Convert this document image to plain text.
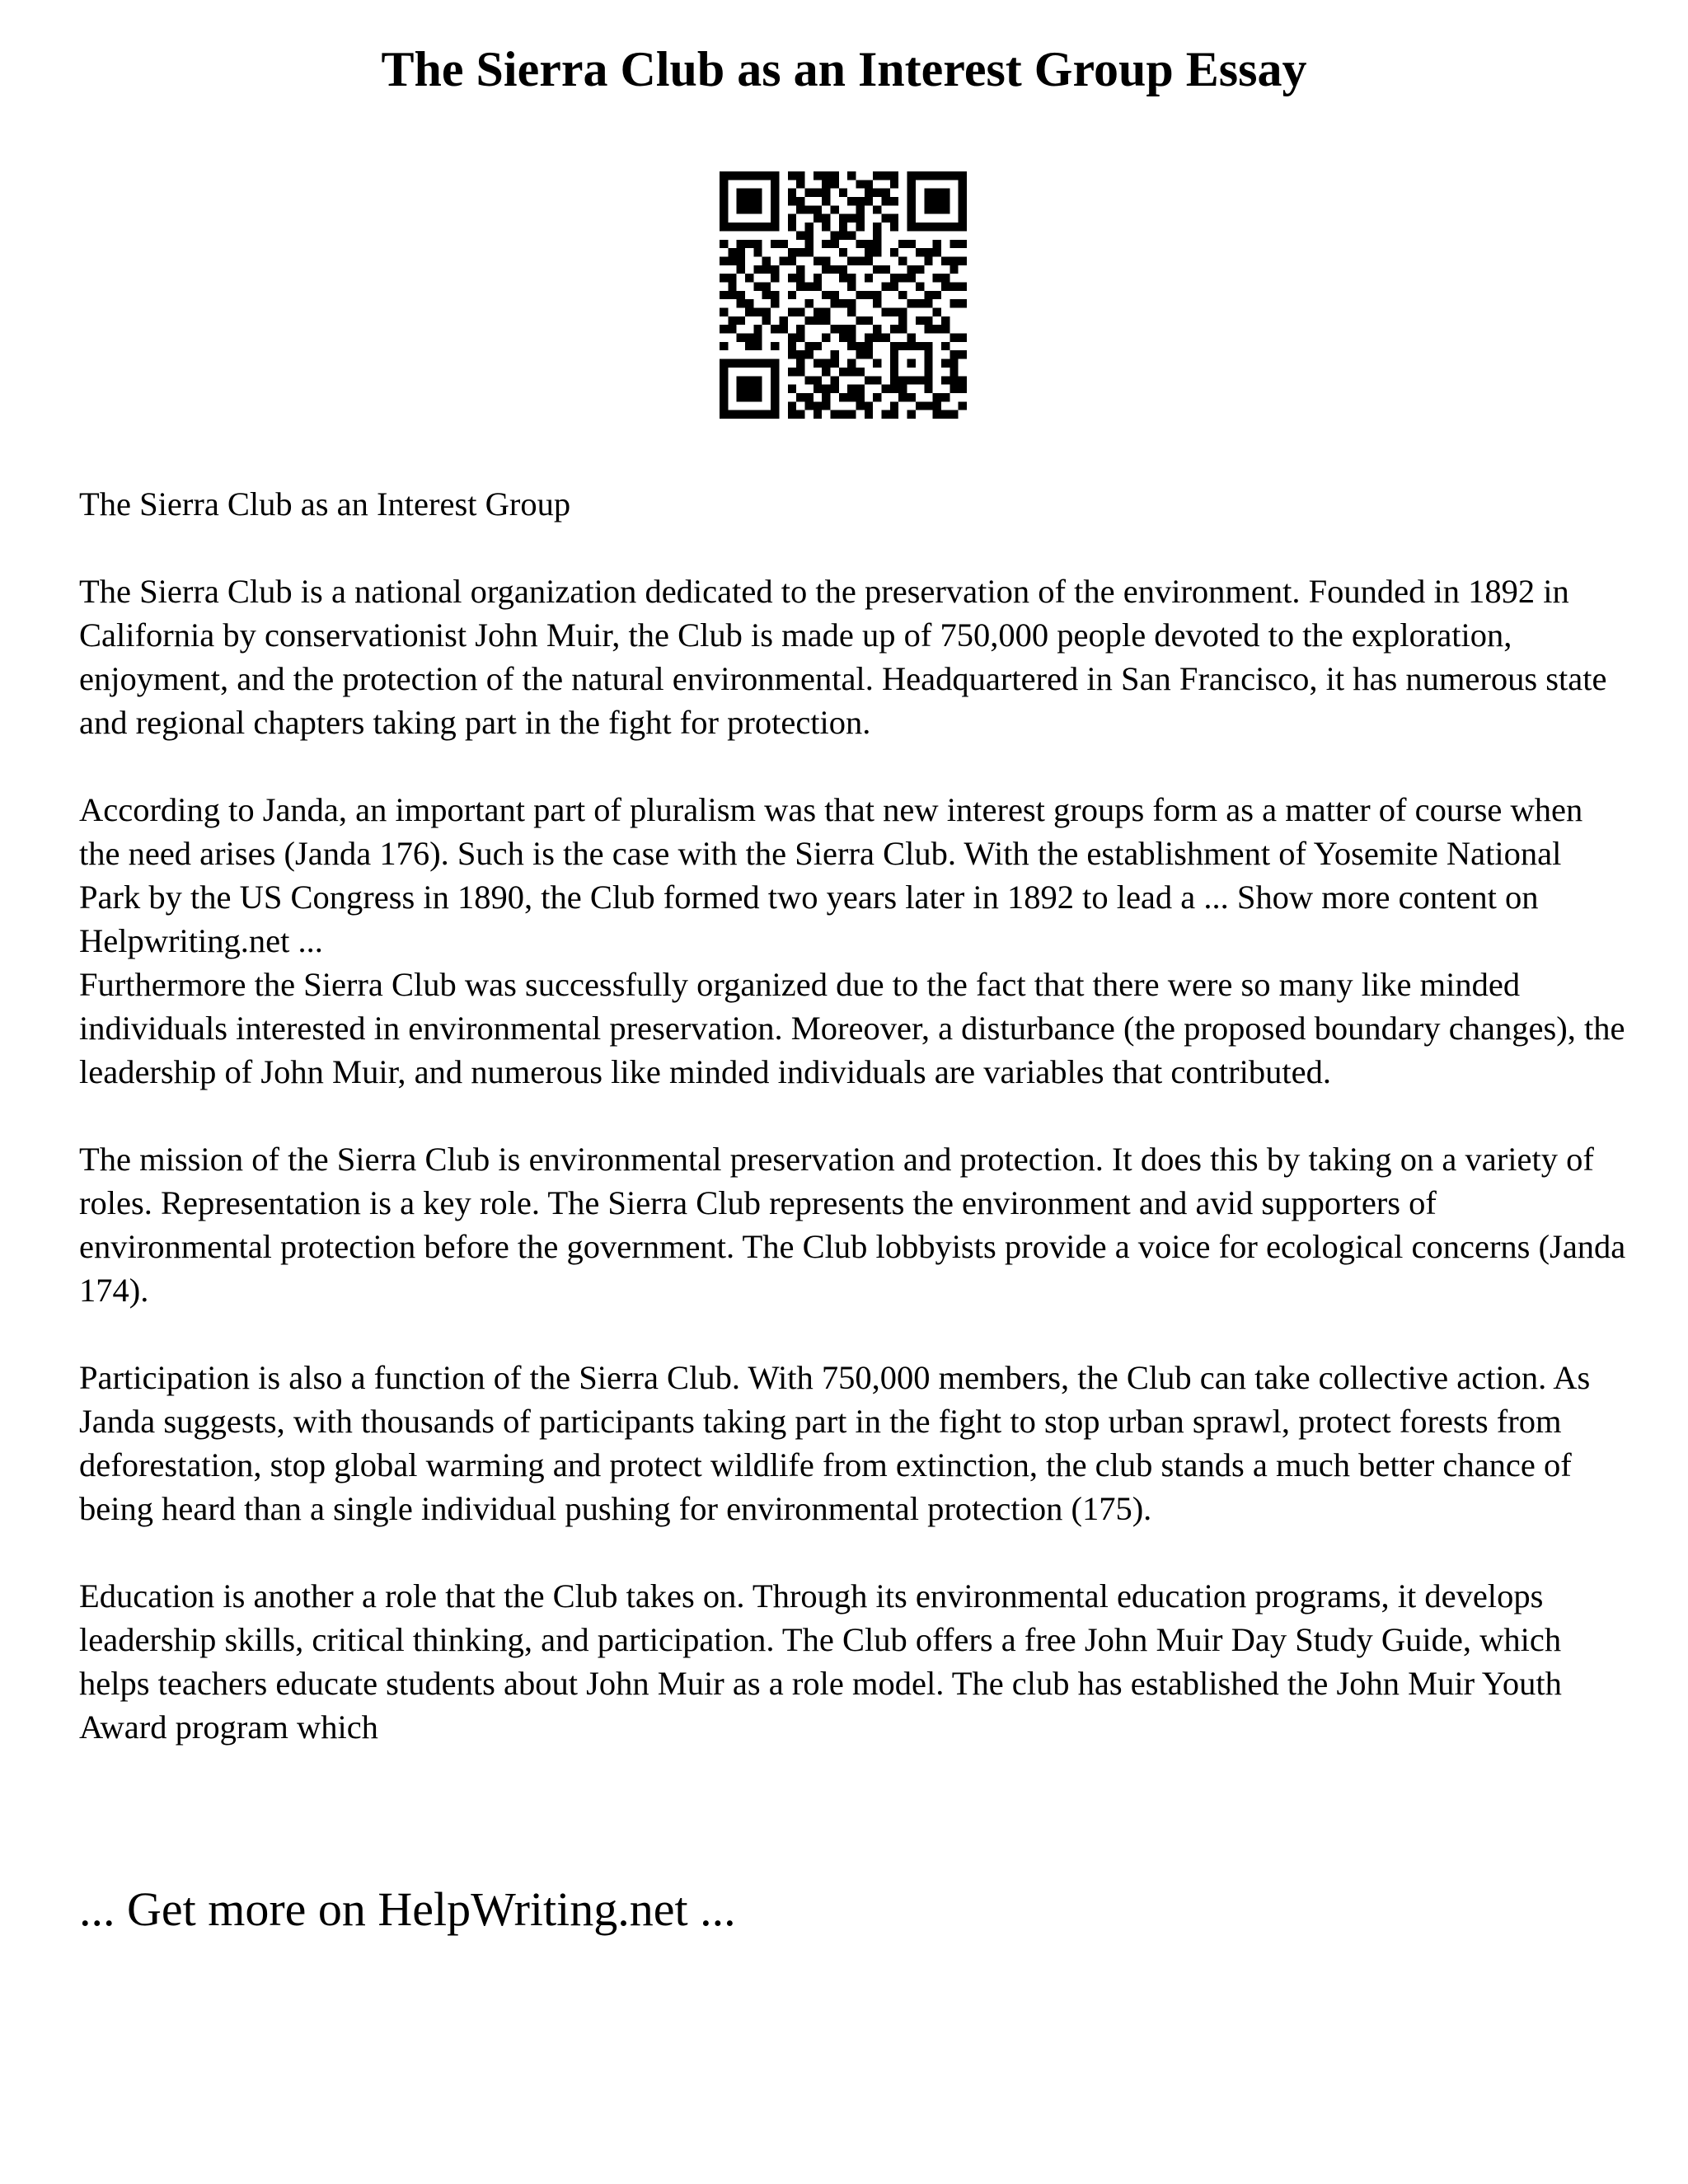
The Sierra Club as an Interest Group Essay

The Sierra Club as an Interest Group

The Sierra Club is a national organization dedicated to the preservation of the environment. Founded in 1892 in California by conservationist John Muir, the Club is made up of 750,000 people devoted to the exploration, enjoyment, and the protection of the natural environmental. Headquartered in San Francisco, it has numerous state and regional chapters taking part in the fight for protection.

According to Janda, an important part of pluralism was that new interest groups form as a matter of course when the need arises (Janda 176). Such is the case with the Sierra Club. With the establishment of Yosemite National Park by the US Congress in 1890, the Club formed two years later in 1892 to lead a ... Show more content on Helpwriting.net ...

Furthermore the Sierra Club was successfully organized due to the fact that there were so many like minded individuals interested in environmental preservation. Moreover, a disturbance (the proposed boundary changes), the leadership of John Muir, and numerous like minded individuals are variables that contributed.

The mission of the Sierra Club is environmental preservation and protection. It does this by taking on a variety of roles. Representation is a key role. The Sierra Club represents the environment and avid supporters of environmental protection before the government. The Club lobbyists provide a voice for ecological concerns (Janda 174).

Participation is also a function of the Sierra Club. With 750,000 members, the Club can take collective action. As Janda suggests, with thousands of participants taking part in the fight to stop urban sprawl, protect forests from deforestation, stop global warming and protect wildlife from extinction, the club stands a much better chance of being heard than a single individual pushing for environmental protection (175).

Education is another a role that the Club takes on. Through its environmental education programs, it develops leadership skills, critical thinking, and participation. The Club offers a free John Muir Day Study Guide, which helps teachers educate students about John Muir as a role model. The club has established the John Muir Youth Award program which

... Get more on HelpWriting.net ...
